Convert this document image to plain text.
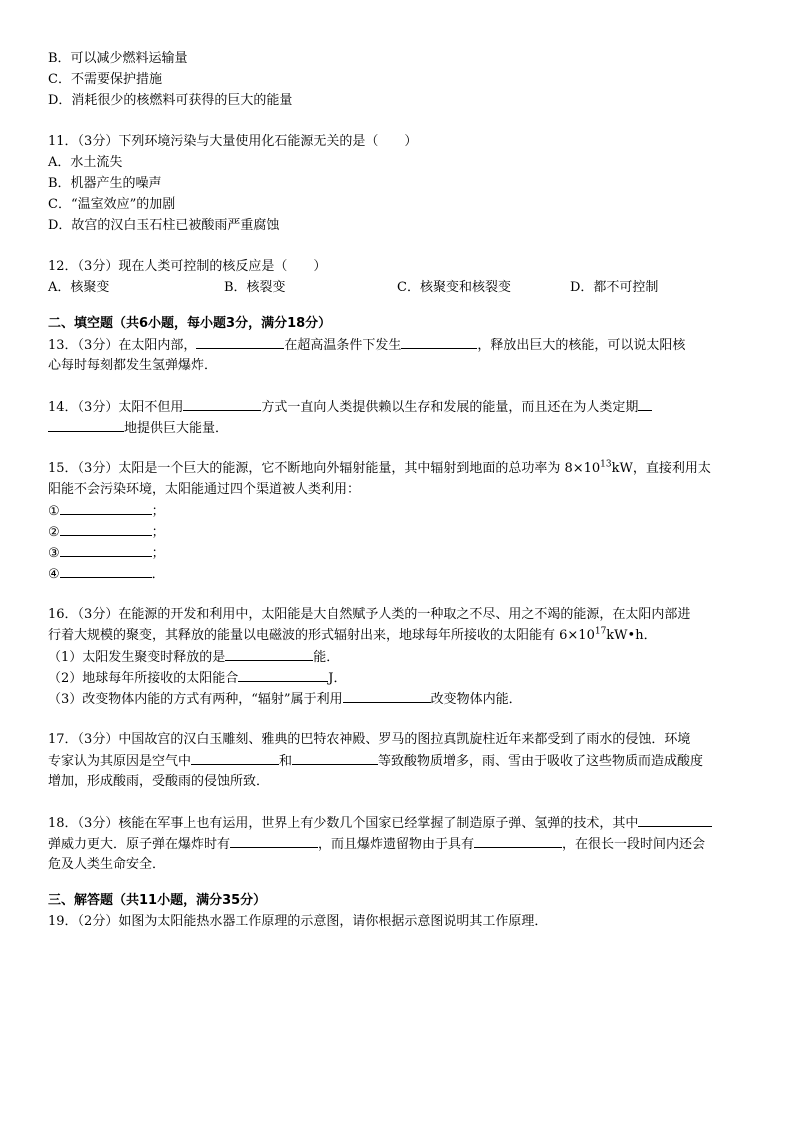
B．可以减少燃料运输量
C．不需要保护措施
D．消耗很少的核燃料可获得的巨大的能量
11．（3分）下列环境污染与大量使用化石能源无关的是（　　）
A．水土流失
B．机器产生的噪声
C．“温室效应”的加剧
D．故宫的汉白玉石柱已被酸雨严重腐蚀
12．（3分）现在人类可控制的核反应是（　　）
A．核聚变	B．核裂变	C．核聚变和核裂变	D．都不可控制
二、填空题（共6小题，每小题3分，满分18分）
13．（3分）在太阳内部，	在超高温条件下发生	，释放出巨大的核能，可以说太阳核
心每时每刻都发生氢弹爆炸．
14．（3分）太阳不但用	方式一直向人类提供赖以生存和发展的能量，而且还在为人类定期
地提供巨大能量．
15．（3分）太阳是一个巨大的能源，它不断地向外辐射能量，其中辐射到地面的总功率为 $8\times 10^{13}kW$，直接利用太
阳能不会污染环境，太阳能通过四个渠道被人类利用：
①	；
②	；
③	；
④	．
16．（3分）在能源的开发和利用中，太阳能是大自然赋予人类的一种取之不尽、用之不竭的能源，在太阳内部进
行着大规模的聚变，其释放的能量以电磁波的形式辐射出来，地球每年所接收的太阳能有 $6\times 10^{17}kW•h$．
（1）太阳发生聚变时释放的是	能．
（2）地球每年所接收的太阳能合	J．
（3）改变物体内能的方式有两种，“辐射”属于利用	改变物体内能．
17．（3分）中国故宫的汉白玉雕刻、雅典的巴特农神殿、罗马的图拉真凯旋柱近年来都受到了雨水的侵蚀．环境
专家认为其原因是空气中	和	等致酸物质增多，雨、雪由于吸收了这些物质而造成酸度
增加，形成酸雨，受酸雨的侵蚀所致．
18．（3分）核能在军事上也有运用，世界上有少数几个国家已经掌握了制造原子弹、氢弹的技术，其中
弹威力更大．原子弹在爆炸时有	，而且爆炸遗留物由于具有	，在很长一段时间内还会
危及人类生命安全．
三、解答题（共11小题，满分35分）
19．（2分）如图为太阳能热水器工作原理的示意图，请你根据示意图说明其工作原理．
